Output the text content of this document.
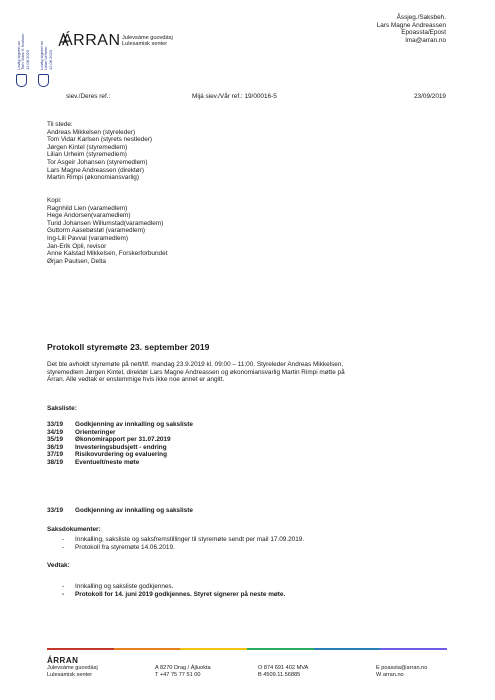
Lovlig signert av Tom Vidar K Karlsen 12.08.2020 Lovlig signert av Lilian Urheim 12.08.2020
ÁRRAN Julevsáme guovdásj
Lulesamisk senter
Åssjeg./Saksbeh.
Lars Magne Andreassen
Epoassta/Epost
lma@arran.no
siev./Deres ref.:	Mijá siev./Vår ref.: 19/00016-5	23/09/2019
Til stede:
Andreas Mikkelsen (styreleder)
Tom Vidar Karlsen (styrets nestleder)
Jørgen Kintel (styremedlem)
Lilian Urheim (styremedlem)
Tor Asgeir Johansen (styremedlem)
Lars Magne Andreassen (direktør)
Martin Rimpi (økonomiansvarlig)
Kopi:
Ragnhild Lien (varamedlem)
Hege Andorsen(varamedlem)
Turid Johansen Willumstad(varamedlem)
Guttorm Aasebøstøl (varamedlem)
Ing-Lill Pavval (varamedlem)
Jan-Erik Opli, revisor
Anne Kalstad Mikkelsen, Forskerforbundet
Ørjan Paulsen, Delta
Protokoll styremøte 23. september 2019
Det ble avholdt styremøte på nett/tlf. mandag 23.9.2019 kl. 09:00 – 11:00. Styreleder Andreas Mikkelsen,
styremedlem Jørgen Kintel, direktør Lars Magne Andreassen og økonomiansvarlig Martin Rimpi møtte på
Árran. Alle vedtak er enstemmige hvis ikke noe annet er angitt.
Saksliste:
33/19 Godkjenning av innkalling og saksliste
34/19 Orienteringer
35/19 Økonomirapport per 31.07.2019
36/19 Investeringsbudsjett - endring
37/19 Risikovurdering og evaluering
38/19 Eventuelt/neste møte
33/19 Godkjenning av innkalling og saksliste
Saksdokumenter:
- Innkalling, saksliste og saksfremstillinger til styremøte sendt per mail 17.09.2019.
- Protokoll fra styremøte 14.06.2019.
Vedtak:
- Innkalling og saksliste godkjennes.
- Protokoll for 14. juni 2019 godkjennes. Styret signerer på neste møte.
ÁRRAN
Julevsáme guovdásj
Lulesamisk senter
A 8270 Drag / Ájluokta
T +47 75 77 51 00
O 874 691 402 MVA
B 4509.11.56885
E poassta@arran.no
W arran.no
